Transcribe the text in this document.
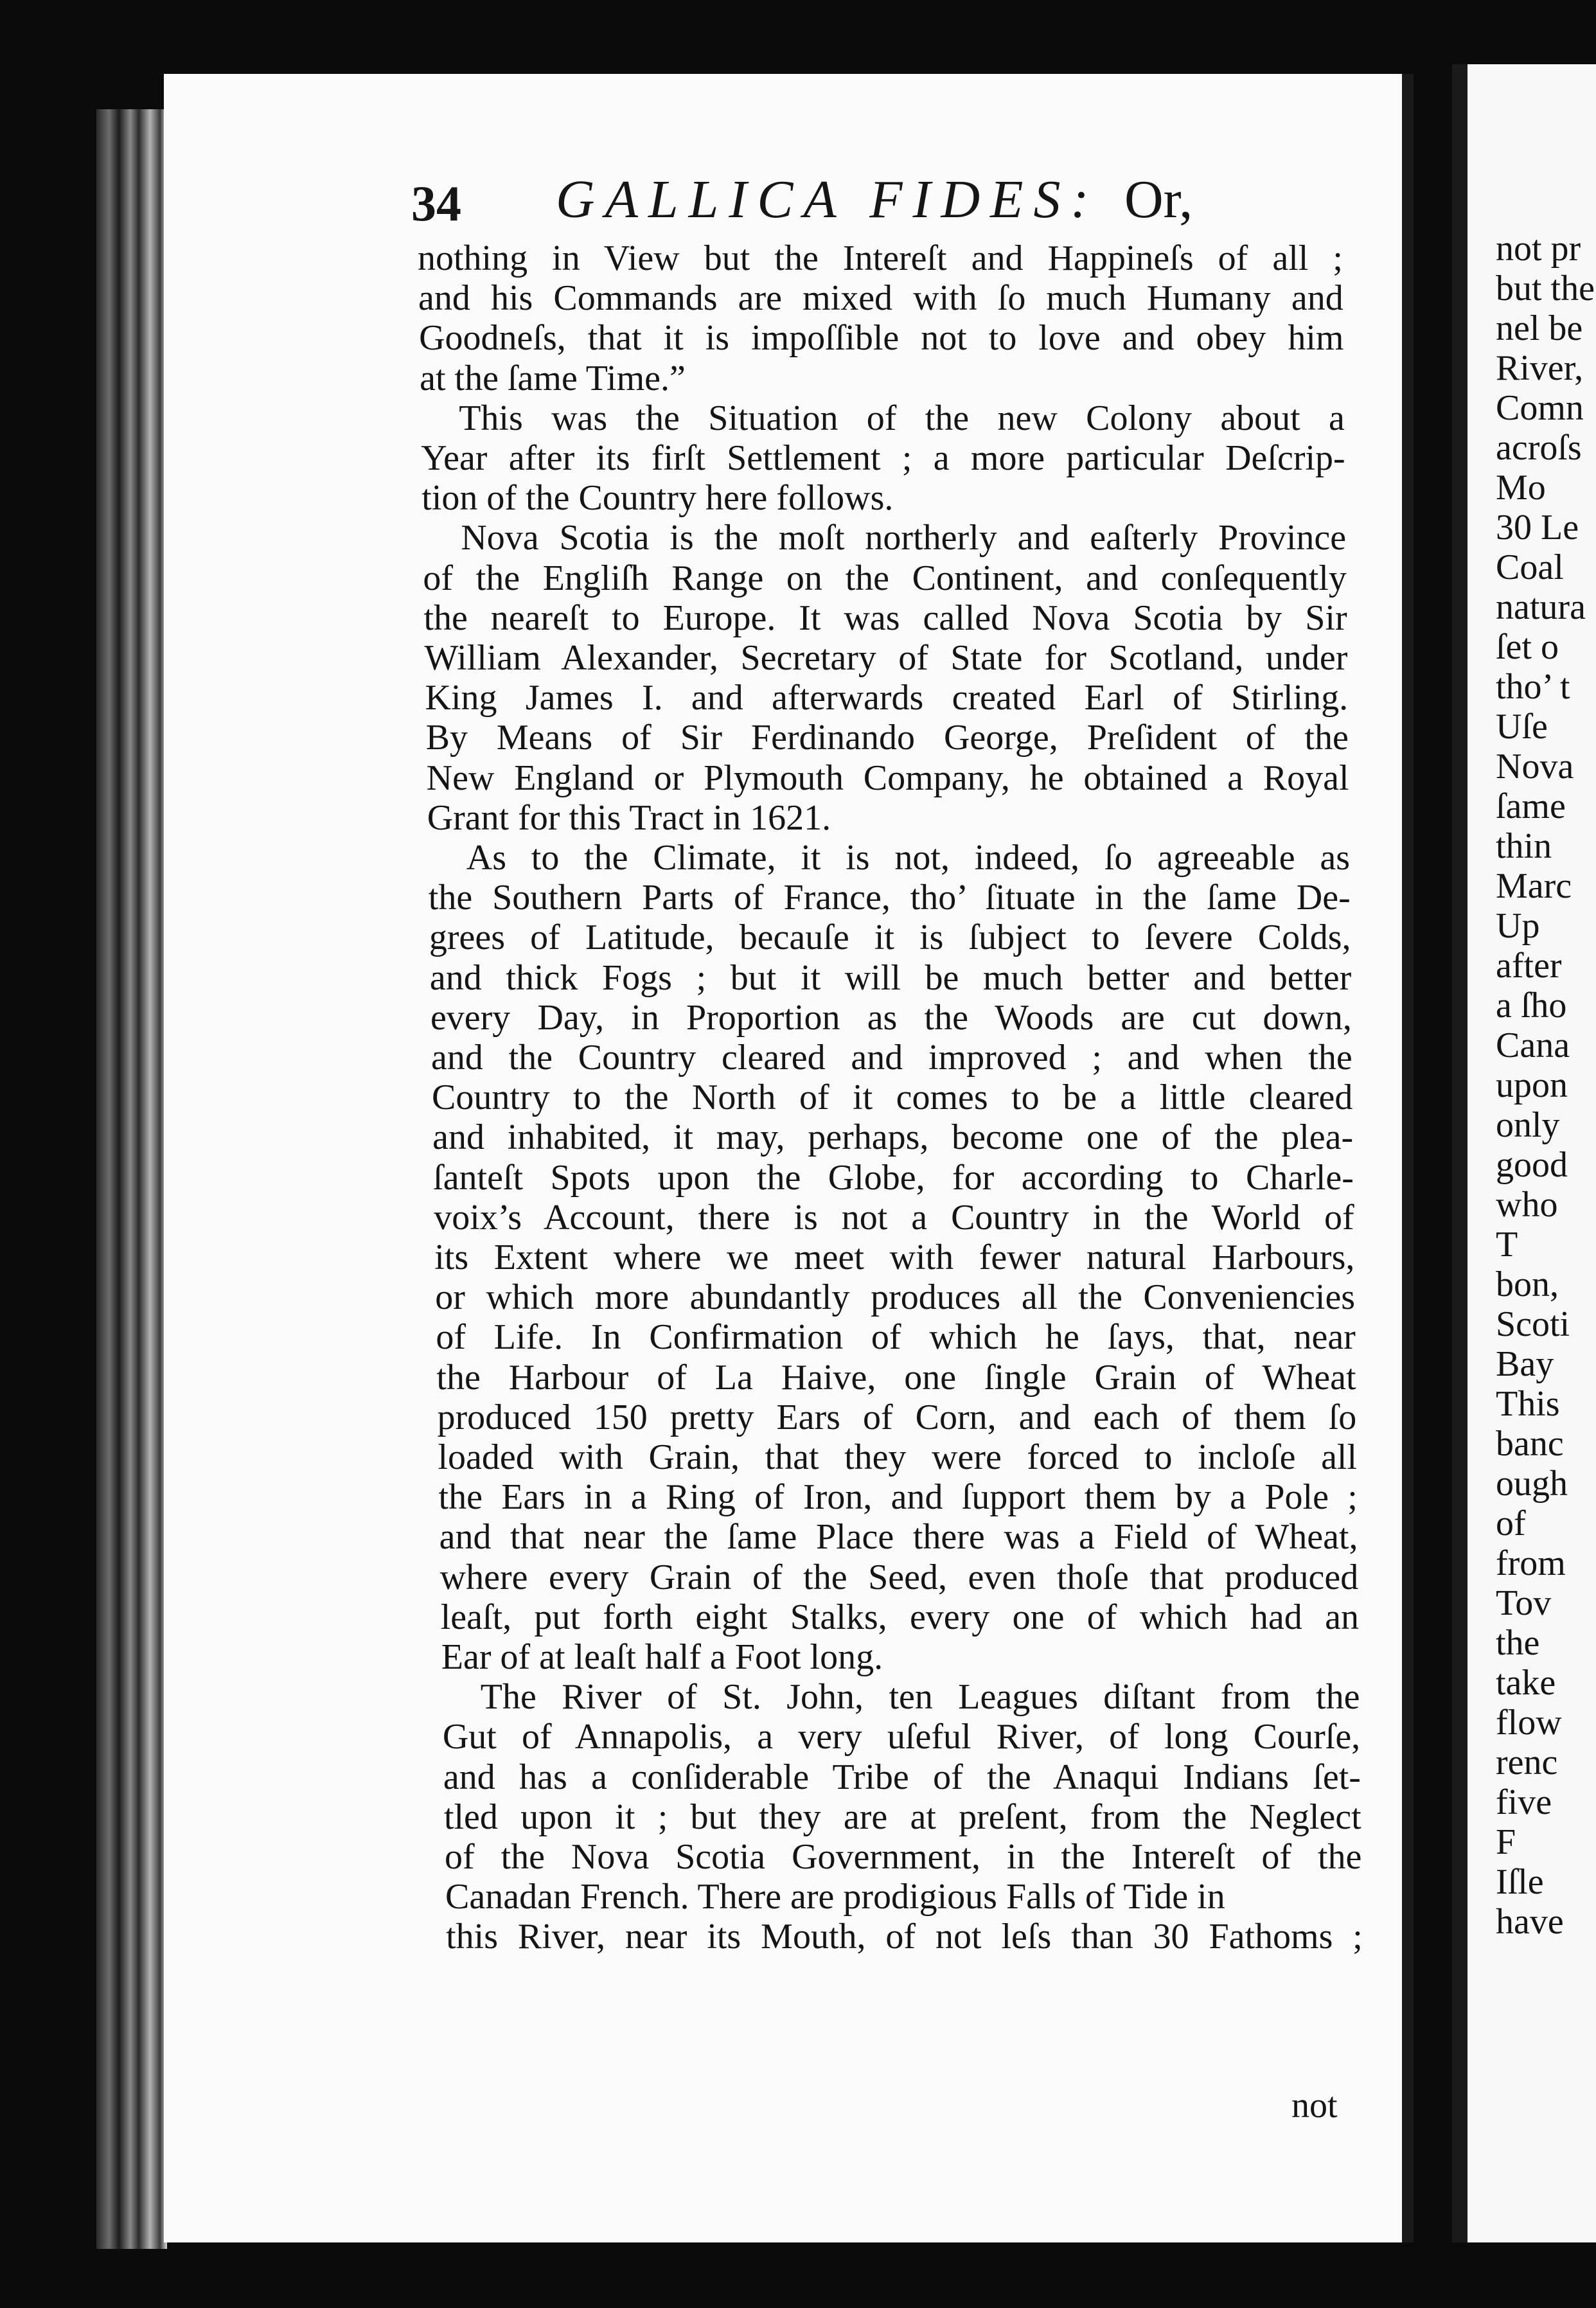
34 GALLICA FIDES: Or,
nothing in View but the Intereſt and Happineſs of all ;
and his Commands are mixed with ſo much Humany and
Goodneſs, that it is impoſſible not to love and obey him
at the ſame Time.”
This was the Situation of the new Colony about a
Year after its firſt Settlement ; a more particular Deſcrip-
tion of the Country here follows.
Nova Scotia is the moſt northerly and eaſterly Province
of the Engliſh Range on the Continent, and conſequently
the neareſt to Europe. It was called Nova Scotia by Sir
William Alexander, Secretary of State for Scotland, under
King James I. and afterwards created Earl of Stirling.
By Means of Sir Ferdinando George, Preſident of the
New England or Plymouth Company, he obtained a Royal
Grant for this Tract in 1621.
As to the Climate, it is not, indeed, ſo agreeable as
the Southern Parts of France, tho’ ſituate in the ſame De-
grees of Latitude, becauſe it is ſubject to ſevere Colds,
and thick Fogs ; but it will be much better and better
every Day, in Proportion as the Woods are cut down,
and the Country cleared and improved ; and when the
Country to the North of it comes to be a little cleared
and inhabited, it may, perhaps, become one of the plea-
ſanteſt Spots upon the Globe, for according to Charle-
voix’s Account, there is not a Country in the World of
its Extent where we meet with fewer natural Harbours,
or which more abundantly produces all the Conveniencies
of Life. In Confirmation of which he ſays, that, near
the Harbour of La Haive, one ſingle Grain of Wheat
produced 150 pretty Ears of Corn, and each of them ſo
loaded with Grain, that they were forced to incloſe all
the Ears in a Ring of Iron, and ſupport them by a Pole ;
and that near the ſame Place there was a Field of Wheat,
where every Grain of the Seed, even thoſe that produced
leaſt, put forth eight Stalks, every one of which had an
Ear of at leaſt half a Foot long.
The River of St. John, ten Leagues diſtant from the
Gut of Annapolis, a very uſeful River, of long Courſe,
and has a conſiderable Tribe of the Anaqui Indians ſet-
tled upon it ; but they are at preſent, from the Neglect
of the Nova Scotia Government, in the Intereſt of the
Canadan French. There are prodigious Falls of Tide in
this River, near its Mouth, of not leſs than 30 Fathoms ;
not
not pr
but the
nel be
River,
Comn
acroſs
Mo
30 Le
Coal
natura
ſet o
tho’ t
Uſe
Nova
ſame
thin
Marc
Up
after
a ſho
Cana
upon
only
good
who
T
bon,
Scoti
Bay
This
banc
ough
of
from
Tov
the
take
flow
renc
five
F
Iſle
have
